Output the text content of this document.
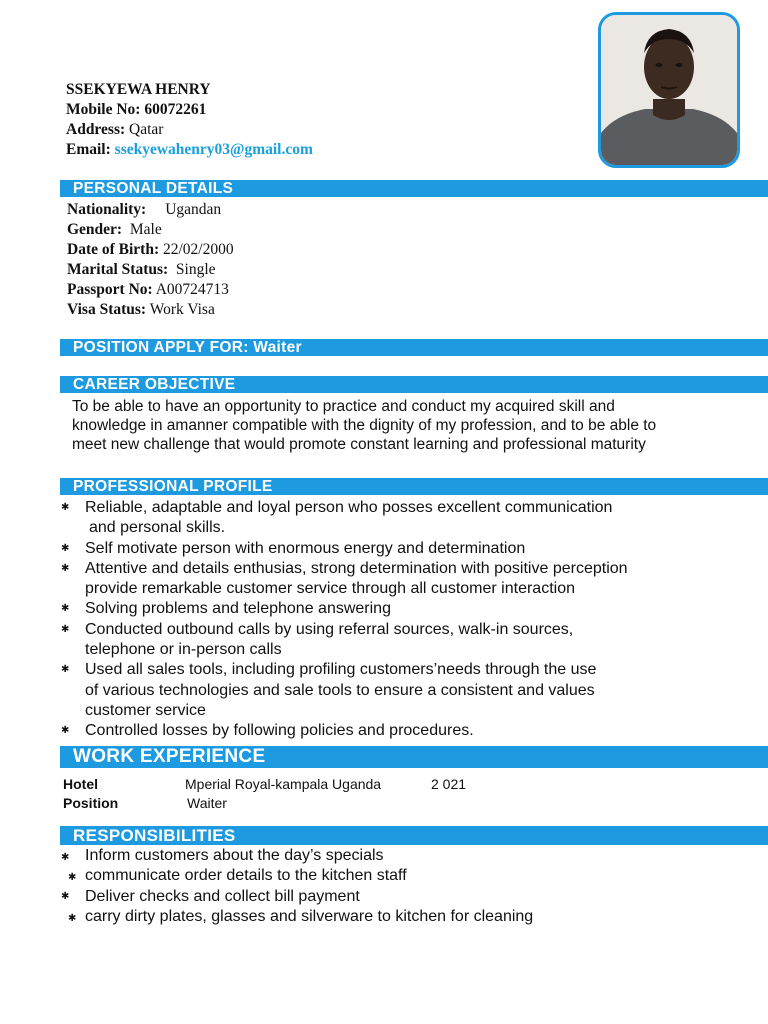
SSEKYEWA HENRY
Mobile No: 60072261
Address: Qatar
Email: ssekyewahenry03@gmail.com
PERSONAL DETAILS
Nationality: Ugandan
Gender: Male
Date of Birth: 22/02/2000
Marital Status: Single
Passport No: A00724713
Visa Status: Work Visa
POSITION APPLY FOR: Waiter
CAREER OBJECTIVE
To be able to have an opportunity to practice and conduct my acquired skill and
knowledge in amanner compatible with the dignity of my profession, and to be able to
meet new challenge that would promote constant learning and professional maturity
PROFESSIONAL PROFILE
✱ Reliable, adaptable and loyal person who posses excellent communication
and personal skills.
✱ Self motivate person with enormous energy and determination
✱ Attentive and details enthusias, strong determination with positive perception
provide remarkable customer service through all customer interaction
✱ Solving problems and telephone answering
✱ Conducted outbound calls by using referral sources, walk-in sources,
telephone or in-person calls
✱ Used all sales tools, including profiling customers’needs through the use
of various technologies and sale tools to ensure a consistent and values
customer service
✱ Controlled losses by following policies and procedures.
WORK EXPERIENCE
Hotel	Mperial Royal-kampala Uganda	2 021
Position	Waiter
RESPONSIBILITIES
✱ Inform customers about the day’s specials
✱ communicate order details to the kitchen staff
✱ Deliver checks and collect bill payment
✱ carry dirty plates, glasses and silverware to kitchen for cleaning
